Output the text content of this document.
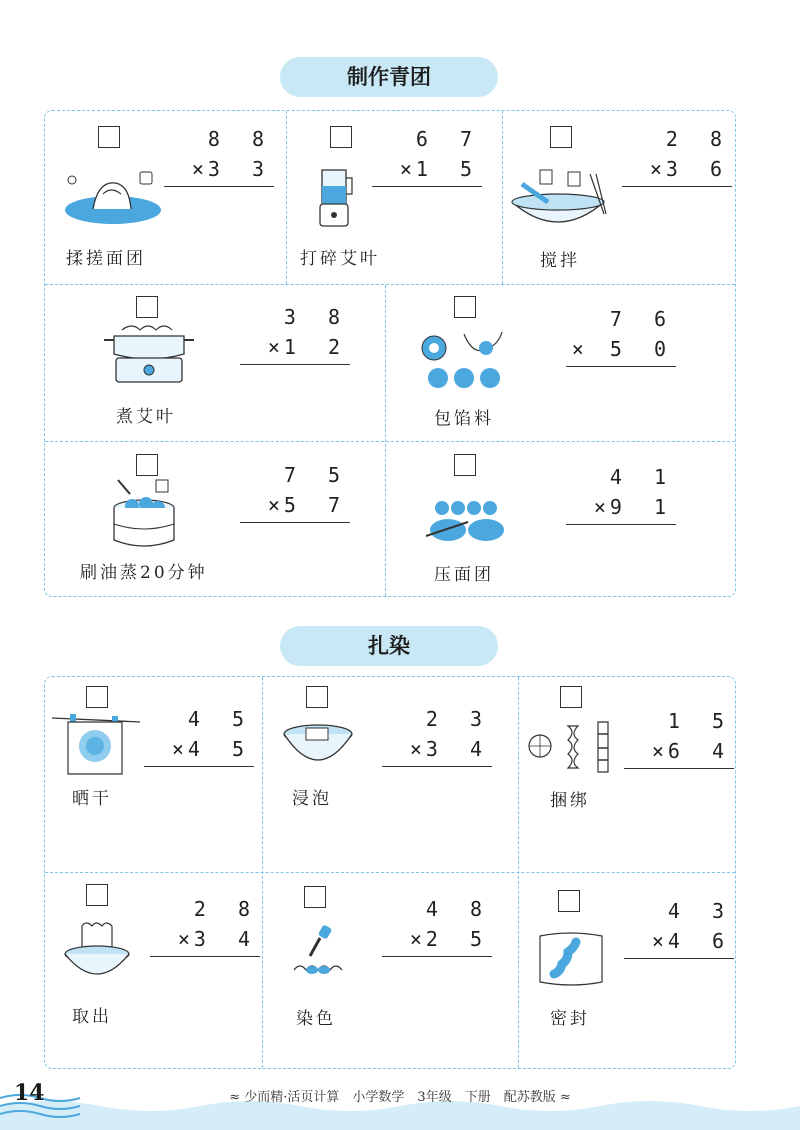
制作青团
8 8
× 3 3
揉搓面团
6 7
× 1 5
打碎艾叶
2 8
× 3 6
搅拌
3 8
× 1 2
煮艾叶
7 6
× 5 0
包馅料
7 5
× 5 7
刷油蒸20分钟
4 1
× 9 1
压面团
扎染
4 5
× 4 5
晒干
2 3
× 3 4
浸泡
1 5
× 6 4
捆绑
2 8
× 3 4
取出
4 8
× 2 5
染色
4 3
× 4 6
密封
14	≈ 少而精·活页计算　小学数学　3年级　下册　配苏教版 ≈
